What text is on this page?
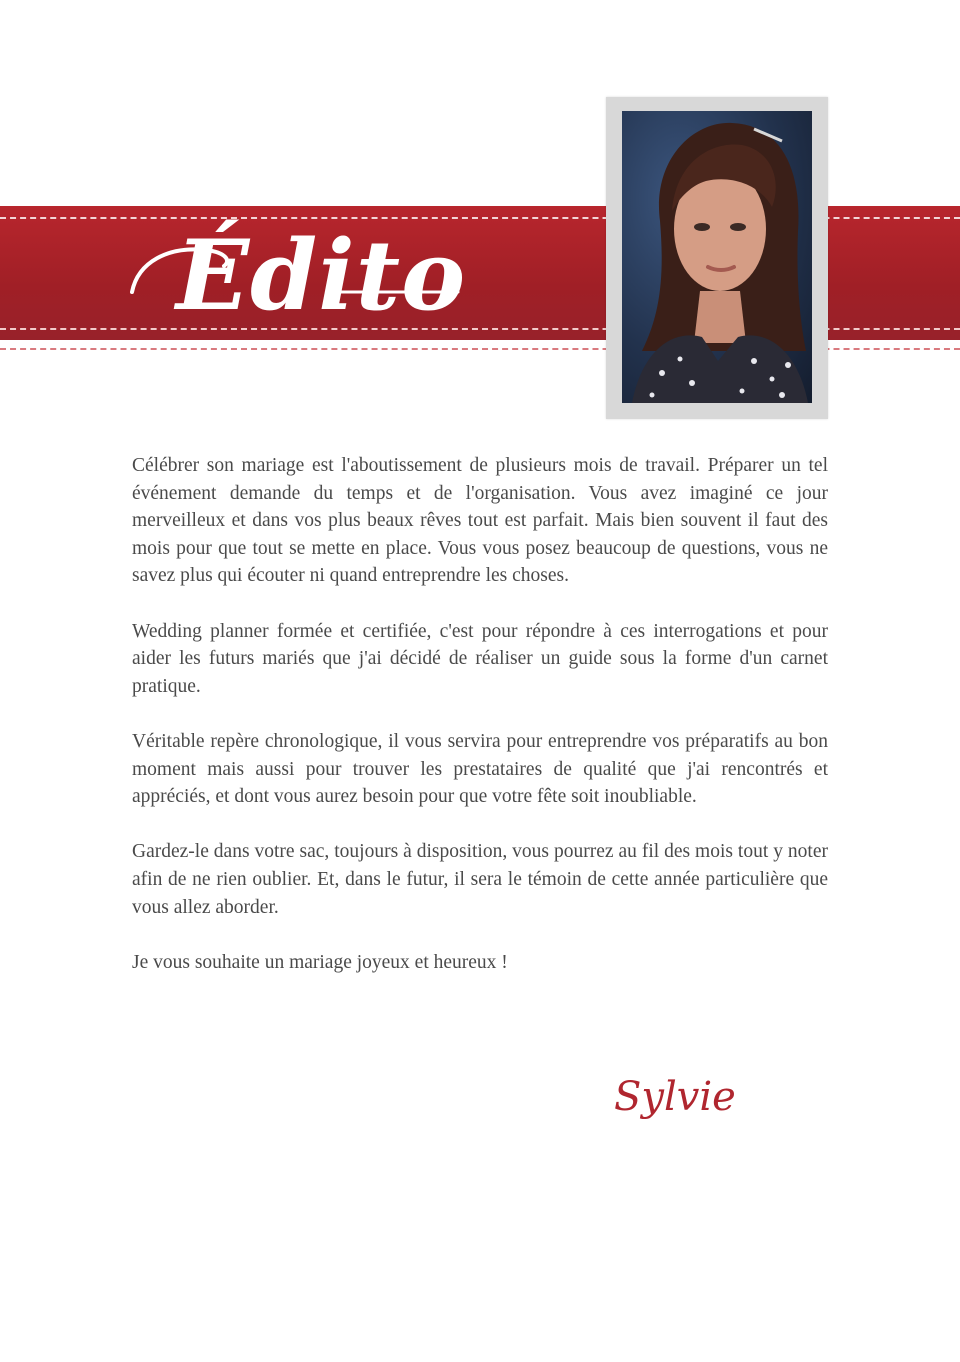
Édito

Célébrer son mariage est l'aboutissement de plusieurs mois de travail. Préparer un tel événement demande du temps et de l'organisation. Vous avez imaginé ce jour merveilleux et dans vos plus beaux rêves tout est parfait. Mais bien souvent il faut des mois pour que tout se mette en place. Vous vous posez beaucoup de questions, vous ne savez plus qui écouter ni quand entreprendre les choses.

Wedding planner formée et certifiée, c'est pour répondre à ces interrogations et pour aider les futurs mariés que j'ai décidé de réaliser un guide sous la forme d'un carnet pratique.

Véritable repère chronologique, il vous servira pour entreprendre vos préparatifs au bon moment mais aussi pour trouver les prestataires de qualité que j'ai rencontrés et appréciés, et dont vous aurez besoin pour que votre fête soit inoubliable.

Gardez-le dans votre sac, toujours à disposition, vous pourrez au fil des mois tout y noter afin de ne rien oublier. Et, dans le futur, il sera le témoin de cette année particulière que vous allez aborder.

Je vous souhaite un mariage joyeux et heureux !

Sylvie
